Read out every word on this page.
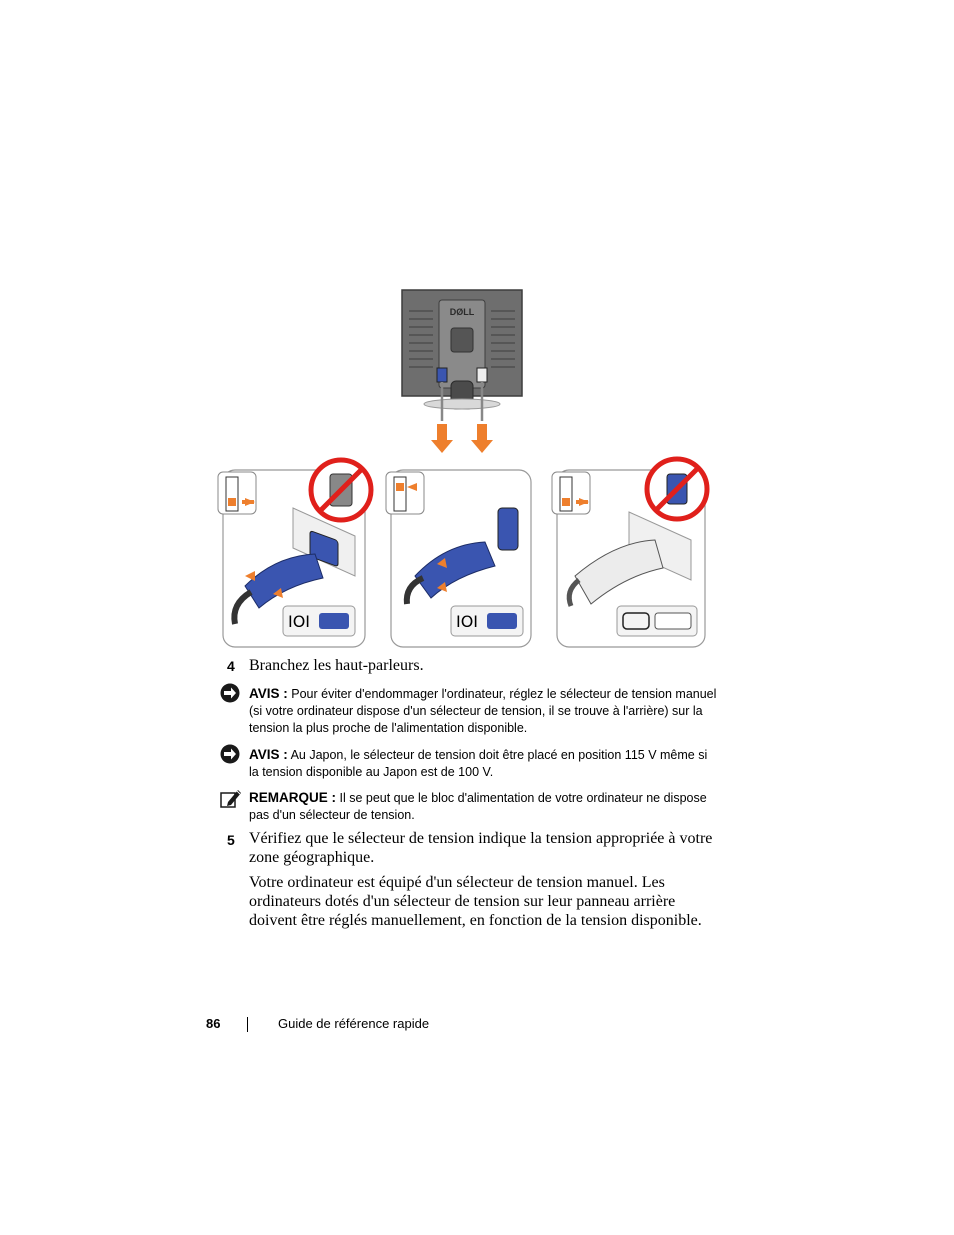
DØLL
IOI	IOI
4 Branchez les haut-parleurs.
AVIS : Pour éviter d'endommager l'ordinateur, réglez le sélecteur de tension manuel (si votre ordinateur dispose d'un sélecteur de tension, il se trouve à l'arrière) sur la tension la plus proche de l'alimentation disponible.
AVIS : Au Japon, le sélecteur de tension doit être placé en position 115 V même si la tension disponible au Japon est de 100 V.
REMARQUE : Il se peut que le bloc d'alimentation de votre ordinateur ne dispose pas d'un sélecteur de tension.
5 Vérifiez que le sélecteur de tension indique la tension appropriée à votre zone géographique.
Votre ordinateur est équipé d'un sélecteur de tension manuel. Les ordinateurs dotés d'un sélecteur de tension sur leur panneau arrière doivent être réglés manuellement, en fonction de la tension disponible.
86	Guide de référence rapide
